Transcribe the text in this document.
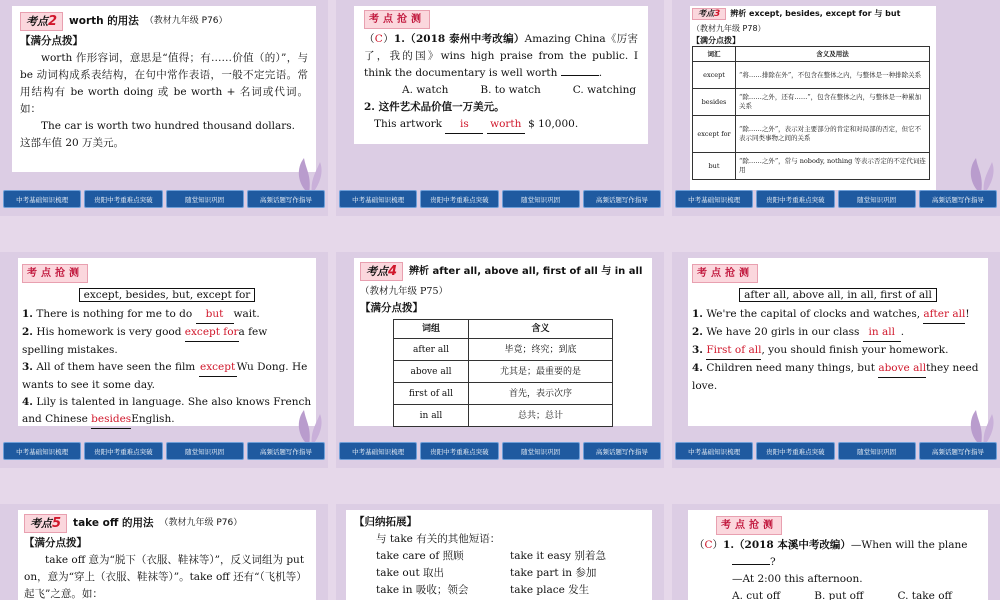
考点2	worth 的用法 （教材九年级 P76）

【满分点拨】

worth 作形容词，意思是“值得；有……价值（的）”，与 be 动词构成系表结构，在句中常作表语，一般不定完语。常用结构有 be worth doing 或 be worth + 名词或代词。如：

The car is worth two hundred thousand dollars. 这部车值 20 万美元。

中考基础知识梳理	贵阳中考重难点突破	随堂知识巩固	高频话题写作指导
考点抢测

（C）1.（2018 泰州中考改编）Amazing China《厉害了，我的国》wins high praise from the public. I think the documentary is well worth	.

A. watch	B. to watch	C. watching

2. 这件艺术品价值一万美元。

This artwork is worth $ 10,000.

中考基础知识梳理	贵阳中考重难点突破	随堂知识巩固	高频话题写作指导
考点3	辨析 except, besides, except for 与 but
（教材九年级 P78）

【满分点拨】

词汇	含义及用法
except	“将……排除在外”，不包含在整体之内，与整体是一种排除关系
besides	“除……之外，还有……”，包含在整体之内，与整体是一种累加关系
except for	“除……之外”，表示对主要部分的肯定和对局部的否定，但它不表示同类事物之间的关系
but	“除……之外”，常与 nobody, nothing 等表示否定的不定代词连用
中考基础知识梳理	贵阳中考重难点突破	随堂知识巩固	高频话题写作指导
考点抢测
except, besides, but, except for

1. There is nothing for me to do but wait.

2. His homework is very good except fora few spelling mistakes.

3. All of them have seen the film exceptWu Dong. He wants to see it some day.

4. Lily is talented in language. She also knows French and Chinese besidesEnglish.

中考基础知识梳理	贵阳中考重难点突破	随堂知识巩固	高频话题写作指导
考点4	辨析 after all, above all, first of all 与 in all

（教材九年级 P75）

【满分点拨】

词组	含义
after all	毕竟；终究；到底
above all	尤其是；最重要的是
first of all	首先，表示次序
in all	总共；总计
中考基础知识梳理	贵阳中考重难点突破	随堂知识巩固	高频话题写作指导
考点抢测
after all, above all, in all, first of all

1. We're the capital of clocks and watches, after all!

2. We have 20 girls in our class in all .

3. First of all, you should finish your homework.

4. Children need many things, but above allthey need love.

中考基础知识梳理	贵阳中考重难点突破	随堂知识巩固	高频话题写作指导
考点5	take off 的用法 （教材九年级 P76）

【满分点拨】

take off 意为“脱下（衣服、鞋袜等）”，反义词组为 put on，意为“穿上（衣服、鞋袜等）”。take off 还有“（飞机等）起飞”之意。如：

【归纳拓展】

与 take 有关的其他短语：

take care of 照顾	take it easy 别着急
take out 取出	take part in 参加
take in 吸收；领会	take place 发生
考点抢测

（C）1.（2018 本溪中考改编）—When will the plane

?

—At 2:00 this afternoon.

A. cut off	B. put off	C. take off
